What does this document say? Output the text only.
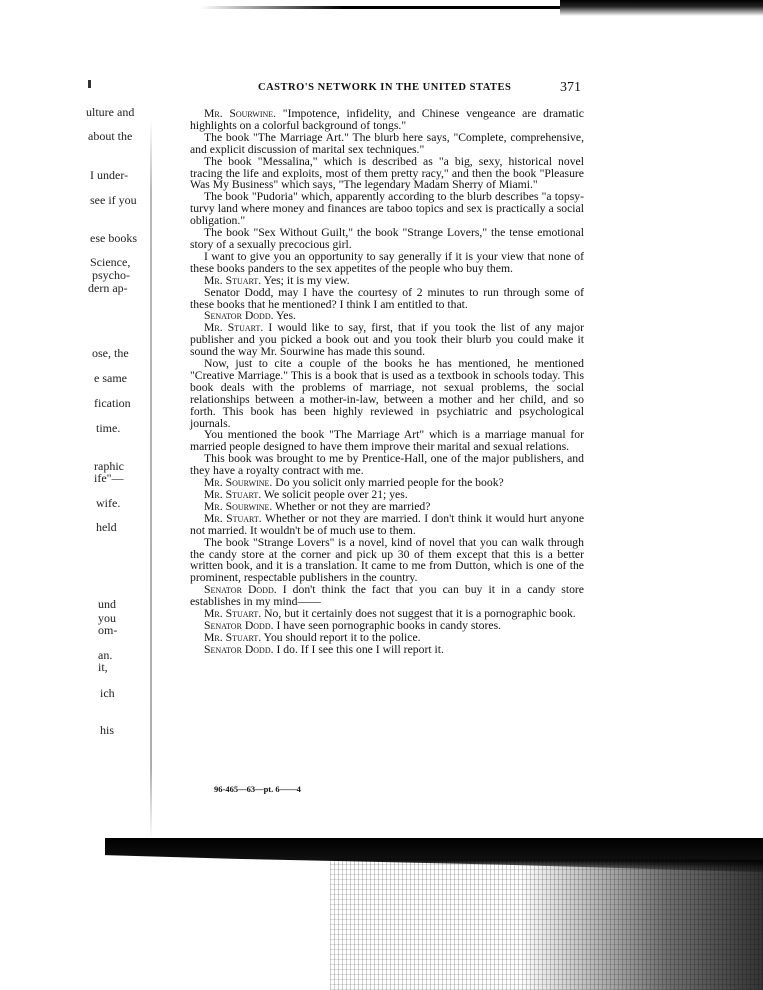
ulture and
about the
I under-
see if you
ese books
Science,
psycho-
dern ap-
ose, the
e same
fication
time.
raphic
ife"—
wife.
held
und
you
om-
an.
it,
ich
his
CASTRO'S NETWORK IN THE UNITED STATES	371

Mr. Sourwine. "Impotence, infidelity, and Chinese vengeance are dramatic highlights on a colorful background of tongs."

The book "The Marriage Art." The blurb here says, "Complete, comprehensive, and explicit discussion of marital sex techniques."

The book "Messalina," which is described as "a big, sexy, historical novel tracing the life and exploits, most of them pretty racy," and then the book "Pleasure Was My Business" which says, "The legendary Madam Sherry of Miami."

The book "Pudoria" which, apparently according to the blurb describes "a topsy-turvy land where money and finances are taboo topics and sex is practically a social obligation."

The book "Sex Without Guilt," the book "Strange Lovers," the tense emotional story of a sexually precocious girl.

I want to give you an opportunity to say generally if it is your view that none of these books panders to the sex appetites of the people who buy them.

Mr. Stuart. Yes; it is my view.

Senator Dodd, may I have the courtesy of 2 minutes to run through some of these books that he mentioned? I think I am entitled to that.

Senator Dodd. Yes.

Mr. Stuart. I would like to say, first, that if you took the list of any major publisher and you picked a book out and you took their blurb you could make it sound the way Mr. Sourwine has made this sound.

Now, just to cite a couple of the books he has mentioned, he mentioned "Creative Marriage." This is a book that is used as a textbook in schools today. This book deals with the problems of marriage, not sexual problems, the social relationships between a mother-in-law, between a mother and her child, and so forth. This book has been highly reviewed in psychiatric and psychological journals.

You mentioned the book "The Marriage Art" which is a marriage manual for married people designed to have them improve their marital and sexual relations.

This book was brought to me by Prentice-Hall, one of the major publishers, and they have a royalty contract with me.

Mr. Sourwine. Do you solicit only married people for the book?

Mr. Stuart. We solicit people over 21; yes.

Mr. Sourwine. Whether or not they are married?

Mr. Stuart. Whether or not they are married. I don't think it would hurt anyone not married. It wouldn't be of much use to them.

The book "Strange Lovers" is a novel, kind of novel that you can walk through the candy store at the corner and pick up 30 of them except that this is a better written book, and it is a translation. It came to me from Dutton, which is one of the prominent, respectable publishers in the country.

Senator Dodd. I don't think the fact that you can buy it in a candy store establishes in my mind——

Mr. Stuart. No, but it certainly does not suggest that it is a pornographic book.

Senator Dodd. I have seen pornographic books in candy stores.

Mr. Stuart. You should report it to the police.

Senator Dodd. I do. If I see this one I will report it.

96-465—63—pt. 6——4
